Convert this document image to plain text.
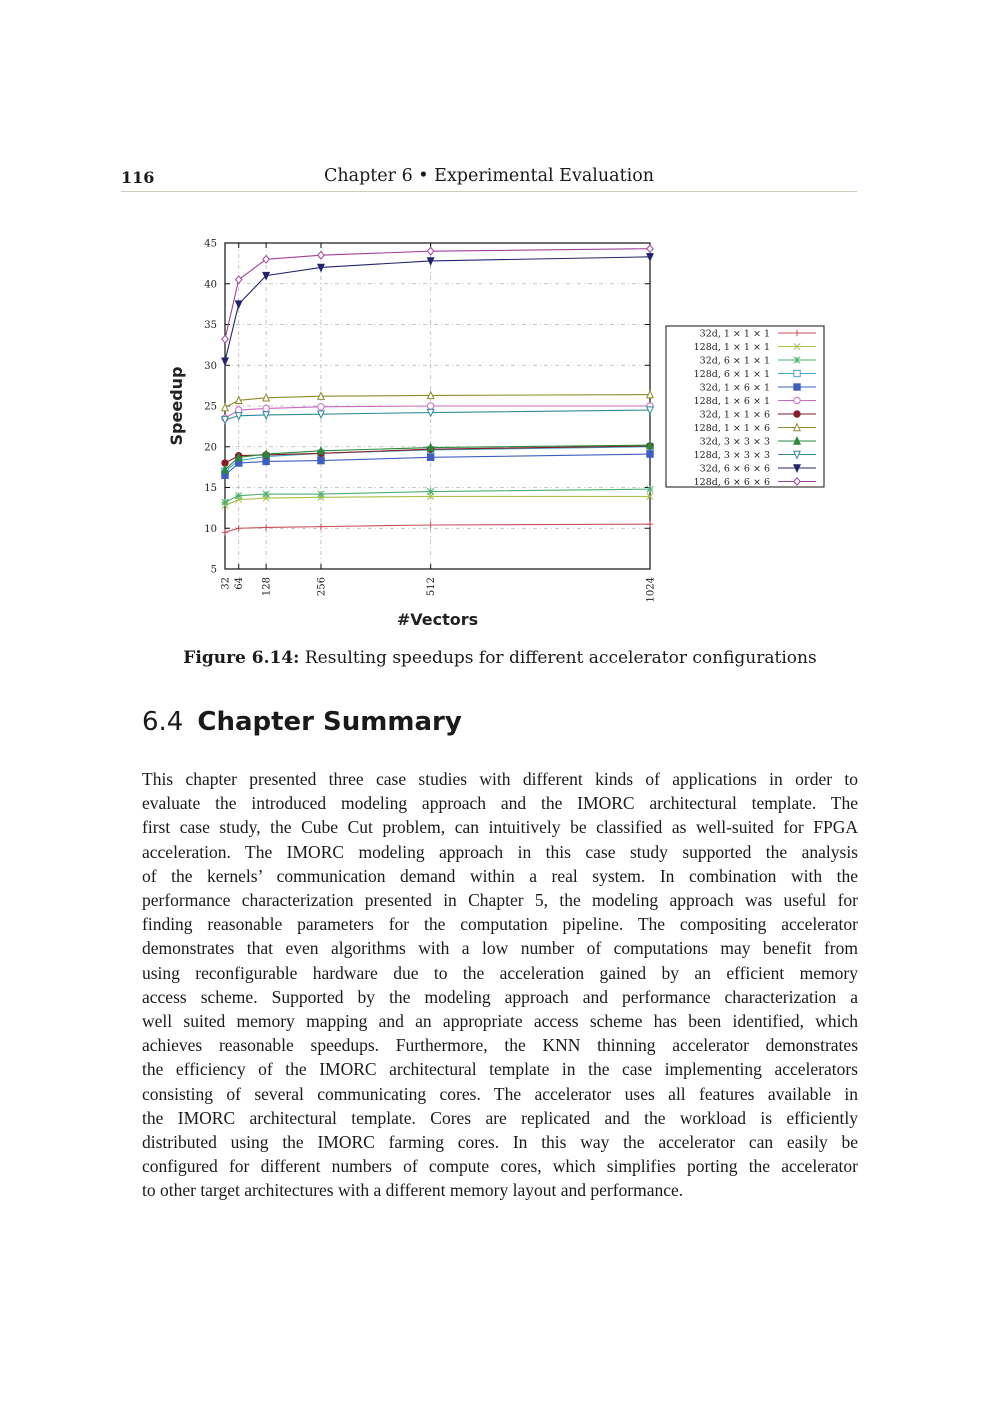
116	Chapter 6 • Experimental Evaluation
5
10
15
20
25
30
35
40
45
32 64 128	256	512	1024
#Vectors
Speedup
32d, 1 × 1 × 1
128d, 1 × 1 × 1
32d, 6 × 1 × 1
128d, 6 × 1 × 1
32d, 1 × 6 × 1
128d, 1 × 6 × 1
32d, 1 × 1 × 6
128d, 1 × 1 × 6
32d, 3 × 3 × 3
128d, 3 × 3 × 3
32d, 6 × 6 × 6
128d, 6 × 6 × 6
Figure 6.14: Resulting speedups for different accelerator configurations
6.4 Chapter Summary
This chapter presented three case studies with different kinds of applications in order to
evaluate the introduced modeling approach and the IMORC architectural template. The
first case study, the Cube Cut problem, can intuitively be classified as well-suited for FPGA
acceleration. The IMORC modeling approach in this case study supported the analysis
of the kernels’ communication demand within a real system. In combination with the
performance characterization presented in Chapter 5, the modeling approach was useful for
finding reasonable parameters for the computation pipeline. The compositing accelerator
demonstrates that even algorithms with a low number of computations may benefit from
using reconfigurable hardware due to the acceleration gained by an efficient memory
access scheme. Supported by the modeling approach and performance characterization a
well suited memory mapping and an appropriate access scheme has been identified, which
achieves reasonable speedups. Furthermore, the KNN thinning accelerator demonstrates
the efficiency of the IMORC architectural template in the case implementing accelerators
consisting of several communicating cores. The accelerator uses all features available in
the IMORC architectural template. Cores are replicated and the workload is efficiently
distributed using the IMORC farming cores. In this way the accelerator can easily be
configured for different numbers of compute cores, which simplifies porting the accelerator
to other target architectures with a different memory layout and performance.
